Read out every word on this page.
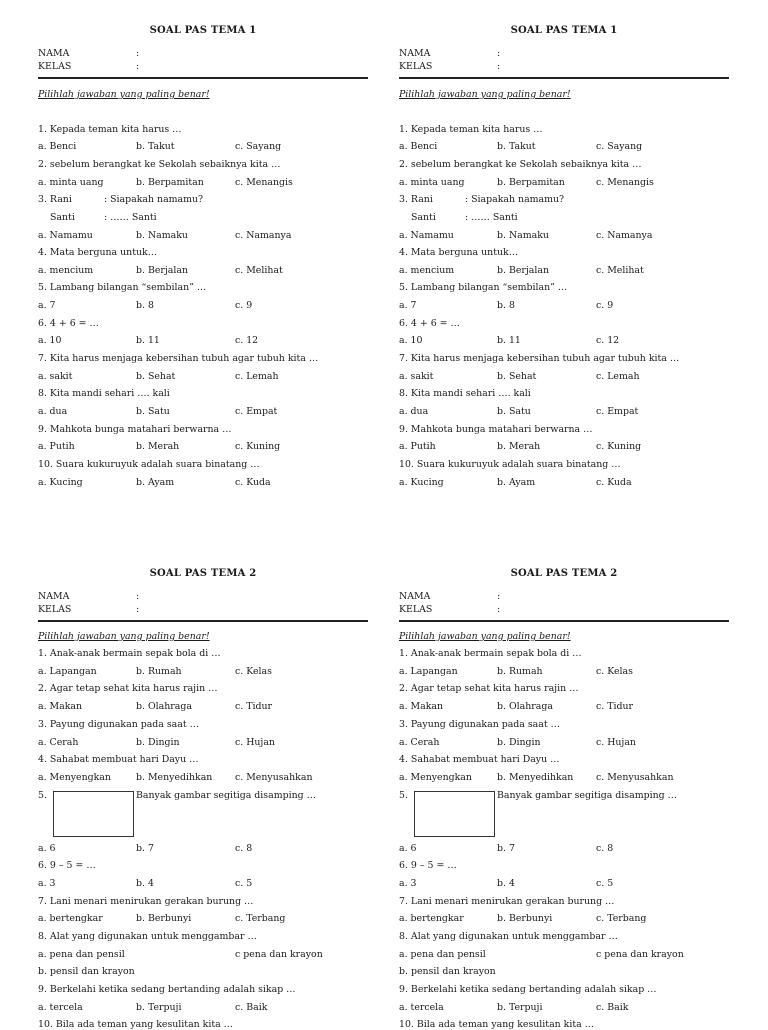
SOAL PAS TEMA 1
NAMA	:
KELAS	:
Pilihlah jawaban yang paling benar!
1. Kepada teman kita harus …
a. Benci	b. Takut	c. Sayang
2. sebelum berangkat ke Sekolah sebaiknya kita …
a. minta uang	b. Berpamitan	c. Menangis
3. Rani	: Siapakah namamu?
Santi	: …… Santi
a. Namamu	b. Namaku	c. Namanya
4. Mata berguna untuk…
a. mencium	b. Berjalan	c. Melihat
5. Lambang bilangan “sembilan” …
a. 7	b. 8	c. 9
6. 4 + 6 = …
a. 10	b. 11	c. 12
7. Kita harus menjaga kebersihan tubuh agar tubuh kita …
a. sakit	b. Sehat	c. Lemah
8. Kita mandi sehari …. kali
a. dua	b. Satu	c. Empat
9. Mahkota bunga matahari berwarna …
a. Putih	b. Merah	c. Kuning
10. Suara kukuruyuk adalah suara binatang …
a. Kucing	b. Ayam	c. Kuda
SOAL PAS TEMA 1
NAMA	:
KELAS	:
Pilihlah jawaban yang paling benar!
1. Kepada teman kita harus …
a. Benci	b. Takut	c. Sayang
2. sebelum berangkat ke Sekolah sebaiknya kita …
a. minta uang	b. Berpamitan	c. Menangis
3. Rani	: Siapakah namamu?
Santi	: …… Santi
a. Namamu	b. Namaku	c. Namanya
4. Mata berguna untuk…
a. mencium	b. Berjalan	c. Melihat
5. Lambang bilangan “sembilan” …
a. 7	b. 8	c. 9
6. 4 + 6 = …
a. 10	b. 11	c. 12
7. Kita harus menjaga kebersihan tubuh agar tubuh kita …
a. sakit	b. Sehat	c. Lemah
8. Kita mandi sehari …. kali
a. dua	b. Satu	c. Empat
9. Mahkota bunga matahari berwarna …
a. Putih	b. Merah	c. Kuning
10. Suara kukuruyuk adalah suara binatang …
a. Kucing	b. Ayam	c. Kuda
SOAL PAS TEMA 2
NAMA	:
KELAS	:
Pilihlah jawaban yang paling benar!
1. Anak-anak bermain sepak bola di …
a. Lapangan	b. Rumah	c. Kelas
2. Agar tetap sehat kita harus rajin …
a. Makan	b. Olahraga	c. Tidur
3. Payung digunakan pada saat …
a. Cerah	b. Dingin	c. Hujan
4. Sahabat membuat hari Dayu …
a. Menyengkan	b. Menyedihkan c. Menyusahkan
5.	Banyak gambar segitiga disamping …
a. 6	b. 7	c. 8
6. 9 – 5 = …
a. 3	b. 4	c. 5
7. Lani menari menirukan gerakan burung …
a. bertengkar	b. Berbunyi	c. Terbang
8. Alat yang digunakan untuk menggambar …
a. pena dan pensil	c pena dan krayon
b. pensil dan krayon
9. Berkelahi ketika sedang bertanding adalah sikap …
a. tercela	b. Terpuji	c. Baik
10. Bila ada teman yang kesulitan kita …
SOAL PAS TEMA 2
NAMA	:
KELAS	:
Pilihlah jawaban yang paling benar!
1. Anak-anak bermain sepak bola di …
a. Lapangan	b. Rumah	c. Kelas
2. Agar tetap sehat kita harus rajin …
a. Makan	b. Olahraga	c. Tidur
3. Payung digunakan pada saat …
a. Cerah	b. Dingin	c. Hujan
4. Sahabat membuat hari Dayu …
a. Menyengkan	b. Menyedihkan c. Menyusahkan
5.	Banyak gambar segitiga disamping …
a. 6	b. 7	c. 8
6. 9 – 5 = …
a. 3	b. 4	c. 5
7. Lani menari menirukan gerakan burung …
a. bertengkar	b. Berbunyi	c. Terbang
8. Alat yang digunakan untuk menggambar …
a. pena dan pensil	c pena dan krayon
b. pensil dan krayon
9. Berkelahi ketika sedang bertanding adalah sikap …
a. tercela	b. Terpuji	c. Baik
10. Bila ada teman yang kesulitan kita …
